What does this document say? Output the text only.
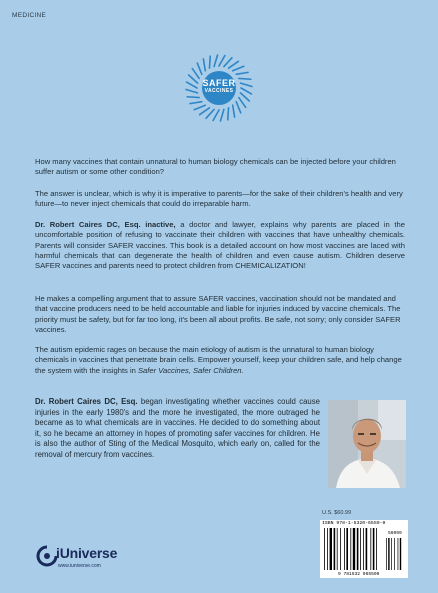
MEDICINE
SAFER
VACCINES
How many vaccines that contain unnatural to human biology chemicals can be injected before your children suffer autism or some other condition?
The answer is unclear, which is why it is imperative to parents—for the sake of their children's health and very future—to never inject chemicals that could do irreparable harm.
Dr. Robert Caires DC, Esq. inactive, a doctor and lawyer, explains why parents are placed in the uncomfortable position of refusing to vaccinate their children with vaccines that have unhealthy chemicals. Parents will consider SAFER vaccines. This book is a detailed account on how most vaccines are laced with harmful chemicals that can degenerate the health of children and even cause autism. Children deserve SAFER vaccines and parents need to protect children from CHEMICALIZATION!
He makes a compelling argument that to assure SAFER vaccines, vaccination should not be mandated and that vaccine producers need to be held accountable and liable for injuries induced by vaccine chemicals. The priority must be safety, but for far too long, it's been all about profits. Be safe, not sorry; only consider SAFER vaccines.
The autism epidemic rages on because the main etiology of autism is the unnatural to human biology chemicals in vaccines that penetrate brain cells. Empower yourself, keep your children safe, and help change the system with the insights in Safer Vaccines, Safer Children.
Dr. Robert Caires DC, Esq. began investigating whether vaccines could cause injuries in the early 1980's and the more he investigated, the more outraged he became as to what chemicals are in vaccines. He decided to do something about it, so he became an attorney in hopes of promoting safer vaccines for children. He is also the author of Sting of the Medical Mosquito, which early on, called for the removal of mercury from vaccines.
U.S. $60.99
ISBN 978-1-5320-6559-0
56099
9 781532 065590
iUniverse
www.iuniverse.com
